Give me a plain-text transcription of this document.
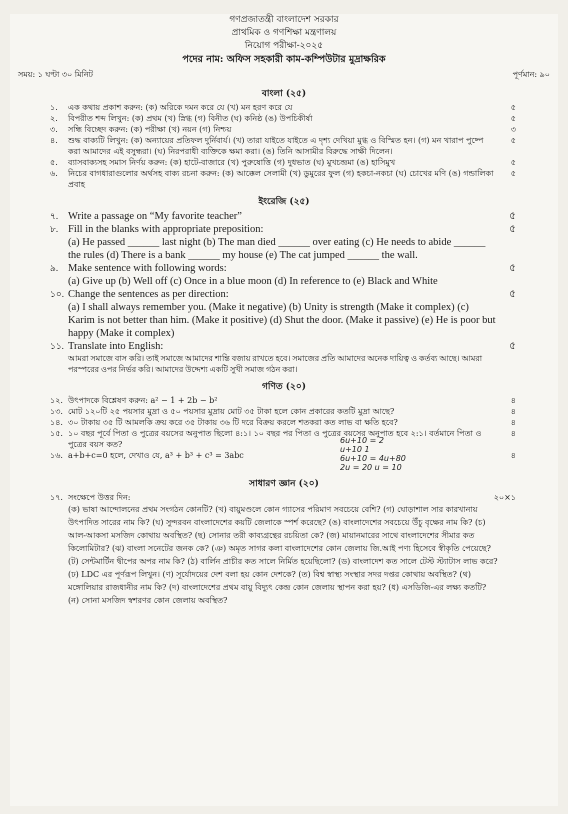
গণপ্রজাতন্ত্রী বাংলাদেশ সরকার
প্রাথমিক ও গণশিক্ষা মন্ত্রণালয়
নিয়োগ পরীক্ষা-২০২৫
পদের নাম: অফিস সহকারী কাম-কম্পিউটার মুদ্রাক্ষরিক
সময়: ১ ঘণ্টা ৩০ মিনিট	পূর্ণমান: ৯০
বাংলা (২৫)
১. এক কথায় প্রকাশ করুন: (ক) অরিকে দমন করে যে (খ) মন হরণ করে যে	৫
২. বিপরীত শব্দ লিখুন: (ক) প্রথম (খ) স্নিগ্ধ (গ) বিনীত (ঘ) কনিষ্ঠ (ঙ) উপচিকীর্ষা	৫
৩. সন্ধি বিচ্ছেদ করুন: (ক) পরীক্ষা (খ) নয়ন (গ) নিশ্চয়	৩
৪. শুদ্ধ বাক্যটি লিখুন: (ক) অন্যায়ের প্রতিফল দুর্নিবার্য। (খ) তারা যাইতে যাইতে এ দৃশ্য দেখিয়া মুগ্ধ ও বিস্মিত হন। (গ) মন খারাপ পুষ্পে করা আমাদের এই বসুন্ধরা। (ঘ) নিরপরাধী ব্যক্তিকে ক্ষমা করা। (ঙ) তিনি আসামীর বিরুদ্ধে সাক্ষী দিলেন।
৫
৫. ব্যাসবাক্যসহ সমাস নির্ণয় করুন: (ক) হাটে-বাজারে (খ) পুরুষোত্তি (গ) দুধভাত (ঘ) মুখচন্দ্রমা (ঙ) হাসিমুখ	৫
৬. নিচের বাগধারাগুলোর অর্থসহ বাক্য রচনা করুন: (ক) আক্কেল সেলামী (খ) ডুমুরের ফুল (গ) হকচা-নকচা (ঘ) চোখের মণি (ঙ) গন্ডালিকা প্রবাহ
৫
ইংরেজি (২৫)
৭. Write a passage on “My favorite teacher”	৫
৮. Fill in the blanks with appropriate preposition:	৫
(a) He passed ______ last night (b) The man died ______ over eating (c) He needs to abide ______ the rules (d) There is a bank ______ my house (e) The cat jumped ______ the wall.
৯. Make sentence with following words:	৫
(a) Give up (b) Well off (c) Once in a blue moon (d) In reference to (e) Black and White
১০. Change the sentences as per direction:	৫
(a) I shall always remember you. (Make it negative) (b) Unity is strength (Make it complex) (c) Karim is not better than him. (Make it positive) (d) Shut the door. (Make it passive) (e) He is poor but happy (Make it complex)
১১. Translate into English:	৫
আমরা সমাজে বাস করি। তাই সমাজে আমাদের শান্তি বজায় রাখতে হবে। সমাজের প্রতি আমাদের অনেক দায়িত্ব ও কর্তব্য আছে। আমরা পরস্পরের ওপর নির্ভর করি। আমাদের উদ্দেশ্য একটি সুখী সমাজ গঠন করা।
গণিত (২০)
১২. উৎপাদকে বিশ্লেষণ করুন: a² − 1 + 2b − b²	৪
১৩. মোট ১২০টি ২৫ পয়সার মুদ্রা ও ৫০ পয়সার মুদ্রায় মোট ৩৫ টাকা হলে কোন প্রকারের কতটি মুদ্রা আছে?	৪
১৪. ৩০ টাকায় ৩৫ টি আমলকি ক্রয় করে ৩৫ টাকায় ৩৬ টি দরে বিক্রয় করলে শতকরা কত লাভ বা ক্ষতি হবে?	৪
১৫. ১০ বছর পূর্বে পিতা ও পুত্রের বয়সের অনুপাত ছিলো ৪:১। ১০ বছর পর পিতা ও পুত্রের বয়সের অনুপাত হবে ২:১। বর্তমানে পিতা ও পুত্রের বয়স কত?
৪
১৬. a+b+c=0 হলে, দেখাও যে, a³ + b³ + c³ = 3abc	৪
6u+10 = 2
u+10 1
6u+10 = 4u+80
2u = 20 u = 10
সাধারণ জ্ঞান (২০)
১৭. সংক্ষেপে উত্তর দিন:	২০×১
(ক) ভাষা আন্দোলনের প্রথম সংগঠন কোনটি? (খ) বায়ুমণ্ডলে কোন গ্যাসের পরিমাণ সবচেয়ে বেশি? (গ) ঘোড়াশাল সার কারখানায় উৎপাদিত সারের নাম কি? (ঘ) সুন্দরবন বাংলাদেশের কয়টি জেলাকে স্পর্শ করেছে? (ঙ) বাংলাদেশের সবচেয়ে উঁচু বৃক্ষের নাম কি? (চ) আল-আকসা মসজিদ কোথায় অবস্থিত? (ছ) সোনার তরী কাব্যগ্রন্থের রচয়িতা কে? (জ) মায়ানমারের সাথে বাংলাদেশের সীমার কত কিলোমিটার? (ঝ) বাংলা সনেটের জনক কে? (ঞ) অমৃত সাগর কলা বাংলাদেশের কোন জেলায় জি.আই পণ্য হিসেবে স্বীকৃতি পেয়েছে? (ট) সেন্টমার্টিন দ্বীপের অপর নাম কি? (ঠ) বার্লিন প্রাচীর কত সালে নির্মিত হয়েছিলো? (ড) বাংলাদেশ কত সালে টেস্ট স্ট্যাটাস লাভ করে? (ঢ) LDC এর পূর্ণরূপ লিখুন। (ণ) সূর্যোদয়ের দেশ বলা হয় কোন দেশকে? (ত) বিশ্ব স্বাস্থ্য সংস্থার সদর দপ্তর কোথায় অবস্থিত? (থ) মঙ্গোলিয়ার রাজধানীর নাম কি? (দ) বাংলাদেশের প্রথম বায়ু বিদ্যুৎ কেন্দ্র কোন জেলায় স্থাপন করা হয়? (ধ) এসডিজি-এর লক্ষ্য কতটি? (ন) সোনা মসজিদ স্বশরণর কোন জেলায় অবস্থিত?
